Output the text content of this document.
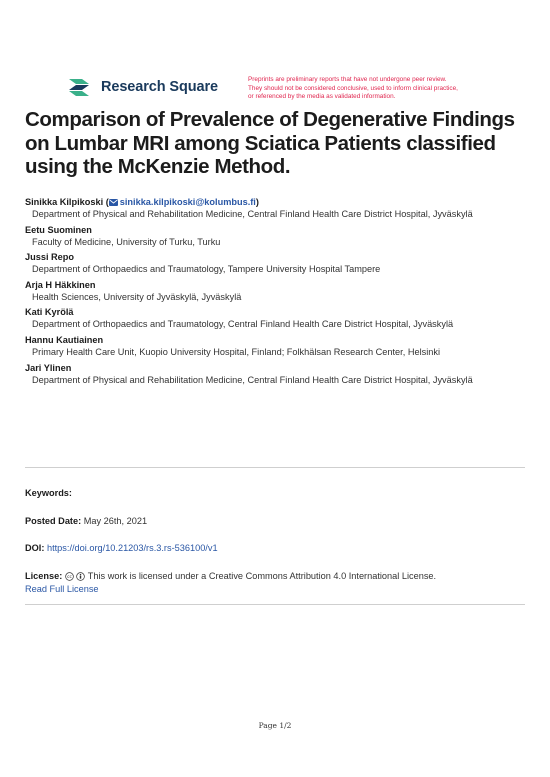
Research Square	Preprints are preliminary reports that have not undergone peer review.
They should not be considered conclusive, used to inform clinical practice,
or referenced by the media as validated information.
Comparison of Prevalence of Degenerative Findings on Lumbar MRI among Sciatica Patients classified using the McKenzie Method.

Sinikka Kilpikoski ( sinikka.kilpikoski@kolumbus.fi)

Department of Physical and Rehabilitation Medicine, Central Finland Health Care District Hospital, Jyväskylä

Eetu Suominen

Faculty of Medicine, University of Turku, Turku

Jussi Repo

Department of Orthopaedics and Traumatology, Tampere University Hospital Tampere

Arja H Häkkinen

Health Sciences, University of Jyväskylä, Jyväskylä

Kati Kyrölä

Department of Orthopaedics and Traumatology, Central Finland Health Care District Hospital, Jyväskylä

Hannu Kautiainen

Primary Health Care Unit, Kuopio University Hospital, Finland; Folkhälsan Research Center, Helsinki

Jari Ylinen

Department of Physical and Rehabilitation Medicine, Central Finland Health Care District Hospital, Jyväskylä

Keywords:
Posted Date: May 26th, 2021
DOI: https://doi.org/10.21203/rs.3.rs-536100/v1
License: cc This work is licensed under a Creative Commons Attribution 4.0 International License.
Read Full License
Page 1/2
